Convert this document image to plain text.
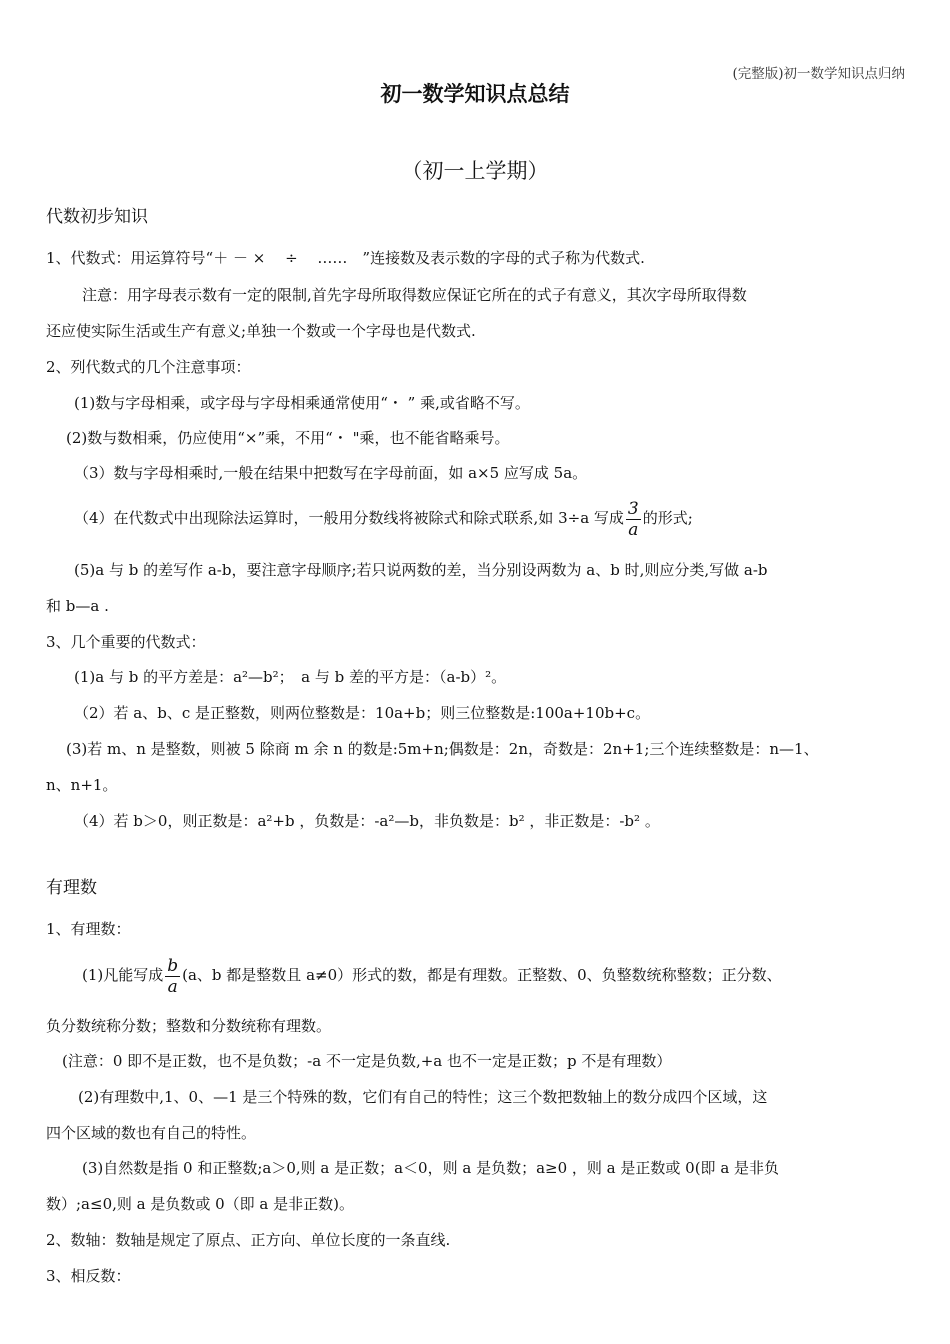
(完整版)初一数学知识点归纳
初一数学知识点总结
（初一上学期）
代数初步知识
1、代数式：用运算符号“＋ － ×　 ÷　 ……　”连接数及表示数的字母的式子称为代数式.
注意：用字母表示数有一定的限制,首先字母所取得数应保证它所在的式子有意义，其次字母所取得数
还应使实际生活或生产有意义;单独一个数或一个字母也是代数式.
2、列代数式的几个注意事项：
(1)数与字母相乘，或字母与字母相乘通常使用“・ ” 乘,或省略不写。
(2)数与数相乘，仍应使用“×”乘，不用“・ "乘，也不能省略乘号。
（3）数与字母相乘时,一般在结果中把数写在字母前面，如 a×5 应写成 5a。
（4）在代数式中出现除法运算时，一般用分数线将被除式和除式联系,如 3÷a 写成 $\frac{3}{a}$ 的形式;
(5)a 与 b 的差写作 a-b，要注意字母顺序;若只说两数的差，当分别设两数为 a、b 时,则应分类,写做 a-b
和 b—a .
3、几个重要的代数式：
(1)a 与 b 的平方差是：a²—b²；　a 与 b 差的平方是：（a-b）²。
（2）若 a、b、c 是正整数，则两位整数是：10a+b；则三位整数是:100a+10b+c。
(3)若 m、n 是整数，则被 5 除商 m 余 n 的数是:5m+n;偶数是：2n，奇数是：2n+1;三个连续整数是：n—1、
n、n+1。
（4）若 b＞0，则正数是：a²+b ，负数是：-a²—b，非负数是：b² ，非正数是：-b² 。
有理数
1、有理数：
(1)凡能写成 $\frac{b}{a} (a$、b 都是整数且 a≠0）形式的数，都是有理数。正整数、0、负整数统称整数；正分数、
负分数统称分数；整数和分数统称有理数。
(注意：0 即不是正数，也不是负数；-a 不一定是负数,+a 也不一定是正数；p 不是有理数）
(2)有理数中,1、0、—1 是三个特殊的数，它们有自己的特性；这三个数把数轴上的数分成四个区域，这
四个区域的数也有自己的特性。
(3)自然数是指 0 和正整数;a＞0,则 a 是正数；a＜0，则 a 是负数；a≥0 ，则 a 是正数或 0(即 a 是非负
数）;a≤0,则 a 是负数或 0（即 a 是非正数)。
2、数轴：数轴是规定了原点、正方向、单位长度的一条直线.
3、相反数：
